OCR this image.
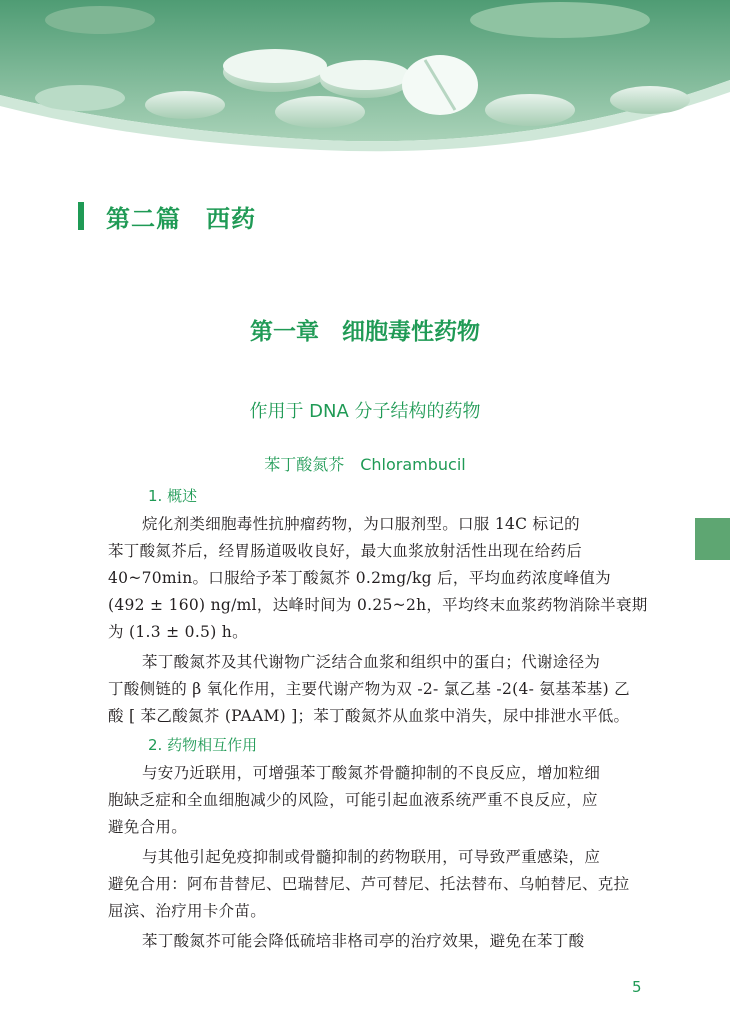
第二篇　西药
第一章　细胞毒性药物
作用于 DNA 分子结构的药物
苯丁酸氮芥　Chlorambucil
1. 概述
烷化剂类细胞毒性抗肿瘤药物，为口服剂型。口服 14C 标记的
苯丁酸氮芥后，经胃肠道吸收良好，最大血浆放射活性出现在给药后
40~70min。口服给予苯丁酸氮芥 0.2mg/kg 后，平均血药浓度峰值为
(492 ± 160) ng/ml，达峰时间为 0.25~2h，平均终末血浆药物消除半衰期
为 (1.3 ± 0.5) h。
苯丁酸氮芥及其代谢物广泛结合血浆和组织中的蛋白；代谢途径为
丁酸侧链的 β 氧化作用，主要代谢产物为双 -2- 氯乙基 -2(4- 氨基苯基) 乙
酸 [ 苯乙酸氮芥 (PAAM) ]；苯丁酸氮芥从血浆中消失，尿中排泄水平低。
2. 药物相互作用
与安乃近联用，可增强苯丁酸氮芥骨髓抑制的不良反应，增加粒细
胞缺乏症和全血细胞减少的风险，可能引起血液系统严重不良反应，应
避免合用。
与其他引起免疫抑制或骨髓抑制的药物联用，可导致严重感染，应
避免合用：阿布昔替尼、巴瑞替尼、芦可替尼、托法替布、乌帕替尼、克拉
屈滨、治疗用卡介苗。
苯丁酸氮芥可能会降低硫培非格司亭的治疗效果，避免在苯丁酸
5
